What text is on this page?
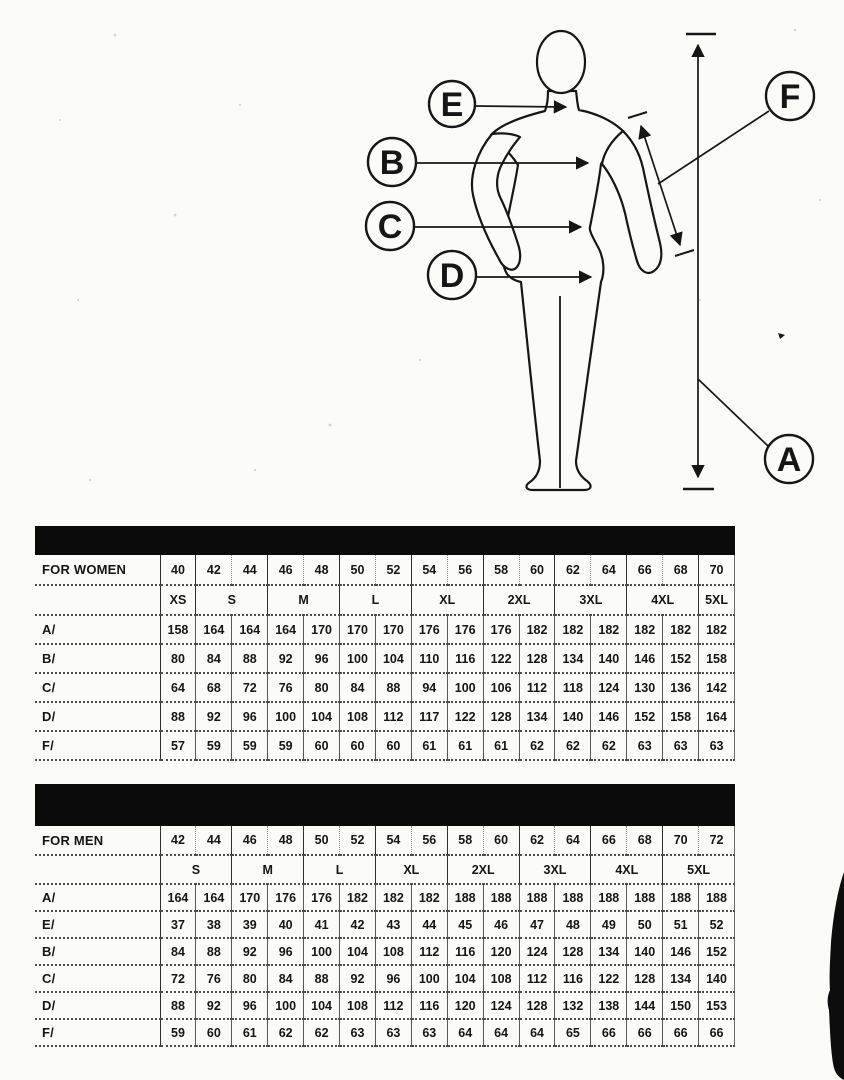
E
B
C
D
F
A
FOR WOMEN	40	42	44	46	48	50	52	54	56	58	60	62	64	66	68	70
	XS	S		M		L		XL		2XL		3XL		4XL		5XL
A/	158	164	164	164	170	170	170	176	176	176	182	182	182	182	182	182
B/	80	84	88	92	96	100	104	110	116	122	128	134	140	146	152	158
C/	64	68	72	76	80	84	88	94	100	106	112	118	124	130	136	142
D/	88	92	96	100	104	108	112	117	122	128	134	140	146	152	158	164
F/	57	59	59	59	60	60	60	61	61	61	62	62	62	63	63	63
FOR MEN	42	44	46	48	50	52	54	56	58	60	62	64	66	68	70	72
	S		M		L		XL		2XL		3XL		4XL		5XL	
A/	164	164	170	176	176	182	182	182	188	188	188	188	188	188	188	188
E/	37	38	39	40	41	42	43	44	45	46	47	48	49	50	51	52
B/	84	88	92	96	100	104	108	112	116	120	124	128	134	140	146	152
C/	72	76	80	84	88	92	96	100	104	108	112	116	122	128	134	140
D/	88	92	96	100	104	108	112	116	120	124	128	132	138	144	150	153
F/	59	60	61	62	62	63	63	63	64	64	64	65	66	66	66	66
